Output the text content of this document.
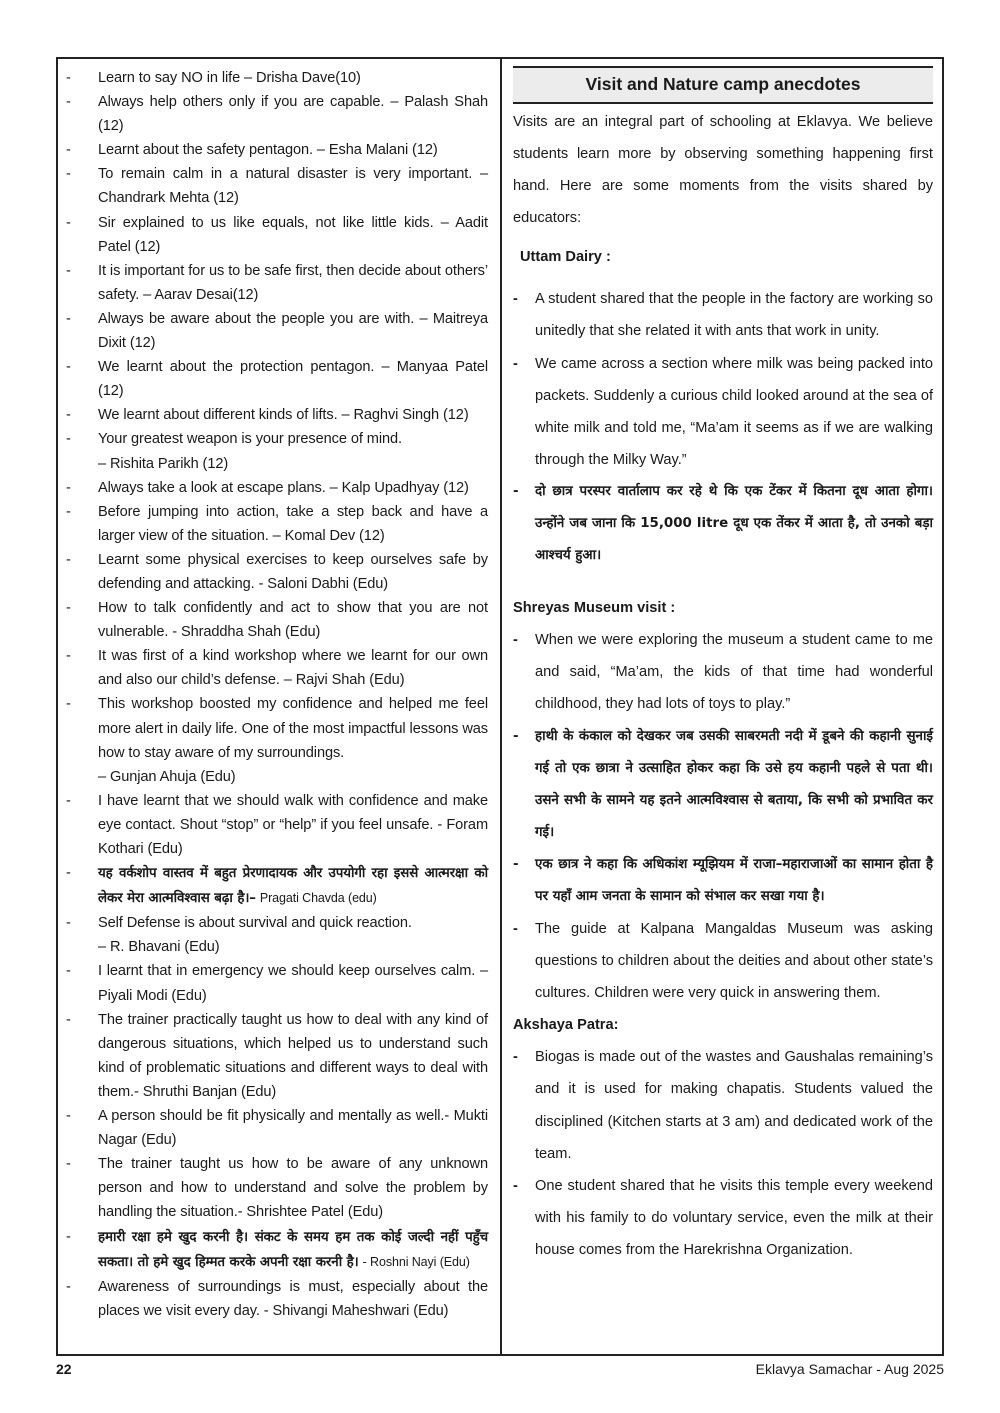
- Learn to say NO in life – Drisha Dave(10)
- Always help others only if you are capable. – Palash Shah (12)
- Learnt about the safety pentagon. – Esha Malani (12)
- To remain calm in a natural disaster is very important. – Chandrark Mehta (12)
- Sir explained to us like equals, not like little kids. – Aadit Patel (12)
- It is important for us to be safe first, then decide about others’ safety. – Aarav Desai(12)
- Always be aware about the people you are with. – Maitreya Dixit (12)
- We learnt about the protection pentagon. – Manyaa Patel (12)
- We learnt about different kinds of lifts. – Raghvi Singh (12)
- Your greatest weapon is your presence of mind.
– Rishita Parikh (12)
- Always take a look at escape plans. – Kalp Upadhyay (12)
- Before jumping into action, take a step back and have a larger view of the situation. – Komal Dev (12)
- Learnt some physical exercises to keep ourselves safe by defending and attacking. - Saloni Dabhi (Edu)
- How to talk confidently and act to show that you are not vulnerable. - Shraddha Shah (Edu)
- It was first of a kind workshop where we learnt for our own and also our child’s defense. – Rajvi Shah (Edu)
- This workshop boosted my confidence and helped me feel more alert in daily life. One of the most impactful lessons was how to stay aware of my surroundings.
– Gunjan Ahuja (Edu)
- I have learnt that we should walk with confidence and make eye contact. Shout “stop” or “help” if you feel unsafe. - Foram Kothari (Edu)
- यह वर्कशोप वास्तव में बहुत प्रेरणादायक और उपयोगी रहा इससे आत्मरक्षा को लेकर मेरा आत्मविश्वास बढ़ा है।– Pragati Chavda (edu)
- Self Defense is about survival and quick reaction.
– R. Bhavani (Edu)
- I learnt that in emergency we should keep ourselves calm. – Piyali Modi (Edu)
- The trainer practically taught us how to deal with any kind of dangerous situations, which helped us to understand such kind of problematic situations and different ways to deal with them.- Shruthi Banjan (Edu)
- A person should be fit physically and mentally as well.- Mukti Nagar (Edu)
- The trainer taught us how to be aware of any unknown person and how to understand and solve the problem by handling the situation.- Shrishtee Patel (Edu)
- हमारी रक्षा हमे खुद करनी है। संकट के समय हम तक कोई जल्दी नहीं पहुँच सकता। तो हमे खुद हिम्मत करके अपनी रक्षा करनी है। - Roshni Nayi (Edu)
- Awareness of surroundings is must, especially about the places we visit every day. - Shivangi Maheshwari (Edu)
Visit and Nature camp anecdotes
Visits are an integral part of schooling at Eklavya. We believe students learn more by observing something happening first hand. Here are some moments from the visits shared by educators:
Uttam Dairy :
- A student shared that the people in the factory are working so unitedly that she related it with ants that work in unity.
- We came across a section where milk was being packed into packets. Suddenly a curious child looked around at the sea of white milk and told me, “Ma’am it seems as if we are walking through the Milky Way.”
- दो छात्र परस्पर वार्तालाप कर रहे थे कि एक टेंकर में कितना दूध आता होगा। उन्होंने जब जाना कि 15,000 litre दूध एक तेंकर में आता है, तो उनको बड़ा आश्चर्य हुआ।
Shreyas Museum visit :
- When we were exploring the museum a student came to me and said, “Ma’am, the kids of that time had wonderful childhood, they had lots of toys to play.”
- हाथी के कंकाल को देखकर जब उसकी साबरमती नदी में डूबने की कहानी सुनाई गई तो एक छात्रा ने उत्साहित होकर कहा कि उसे हय कहानी पहले से पता थी।उसने सभी के सामने यह इतने आत्मविश्वास से बताया, कि सभी को प्रभावित कर गई।
- एक छात्र ने कहा कि अधिकांश म्यूझियम में राजा–महाराजाओं का सामान होता है पर यहाँ आम जनता के सामान को संभाल कर सखा गया है।
- The guide at Kalpana Mangaldas Museum was asking questions to children about the deities and about other state’s cultures. Children were very quick in answering them.
Akshaya Patra:
- Biogas is made out of the wastes and Gaushalas remaining’s and it is used for making chapatis. Students valued the disciplined (Kitchen starts at 3 am) and dedicated work of the team.
- One student shared that he visits this temple every weekend with his family to do voluntary service, even the milk at their house comes from the Harekrishna Organization.
22	Eklavya Samachar - Aug 2025
